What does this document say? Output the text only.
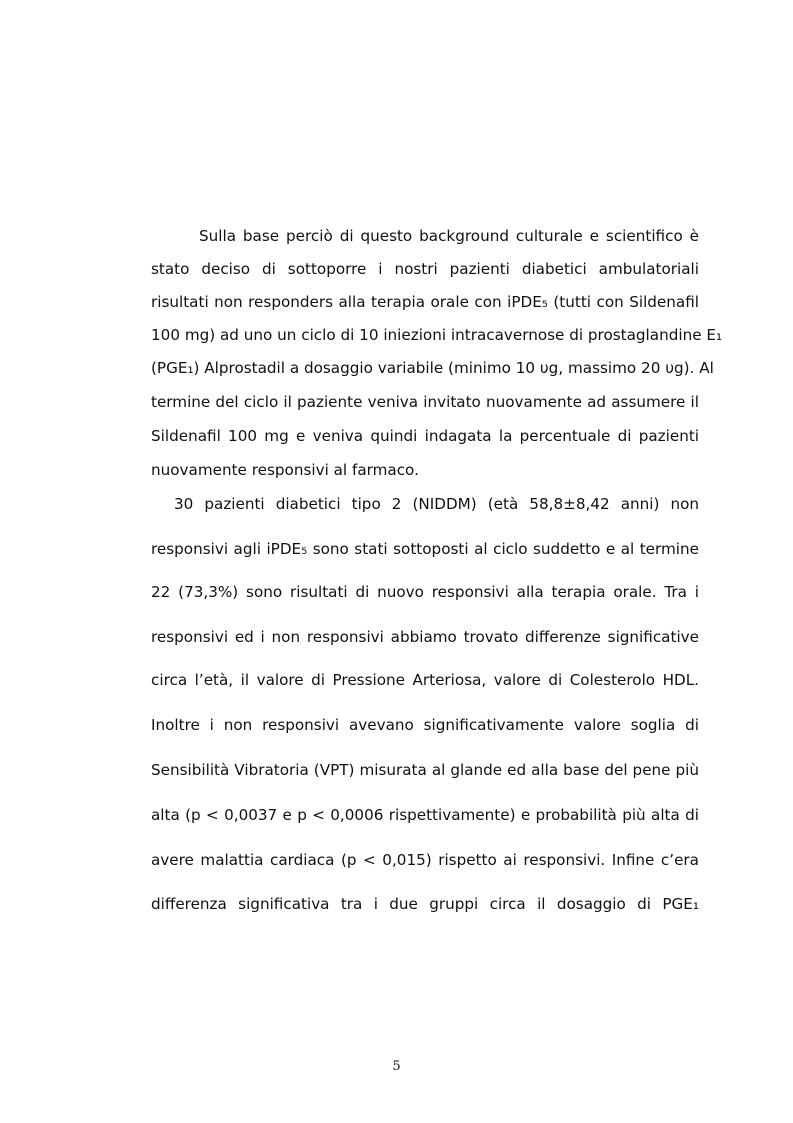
Sulla base perciò di questo background culturale e scientifico è
stato deciso di sottoporre i nostri pazienti diabetici ambulatoriali
risultati non responders alla terapia orale con iPDE₅ (tutti con Sildenafil
100 mg) ad uno un ciclo di 10 iniezioni intracavernose di prostaglandine E₁
(PGE₁) Alprostadil a dosaggio variabile (minimo 10 υg, massimo 20 υg). Al
termine del ciclo il paziente veniva invitato nuovamente ad assumere il
Sildenafil 100 mg e veniva quindi indagata la percentuale di pazienti
nuovamente responsivi al farmaco.
30 pazienti diabetici tipo 2 (NIDDM) (età 58,8±8,42 anni) non
responsivi agli iPDE₅ sono stati sottoposti al ciclo suddetto e al termine
22 (73,3%) sono risultati di nuovo responsivi alla terapia orale. Tra i
responsivi ed i non responsivi abbiamo trovato differenze significative
circa l’età, il valore di Pressione Arteriosa, valore di Colesterolo HDL.
Inoltre i non responsivi avevano significativamente valore soglia di
Sensibilità Vibratoria (VPT) misurata al glande ed alla base del pene più
alta (p < 0,0037 e p < 0,0006 rispettivamente) e probabilità più alta di
avere malattia cardiaca (p < 0,015) rispetto ai responsivi. Infine c’era
differenza significativa tra i due gruppi circa il dosaggio di PGE₁
5
